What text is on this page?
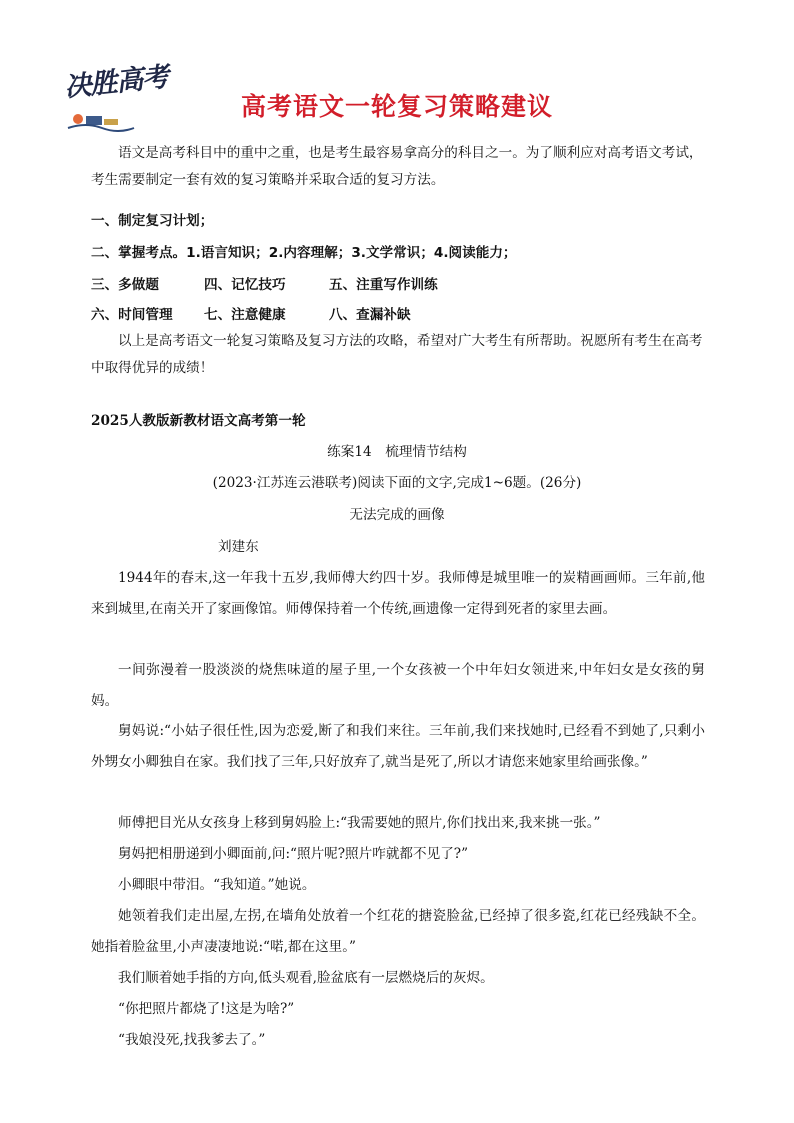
决胜高考
高考语文一轮复习策略建议
语文是高考科目中的重中之重，也是考生最容易拿高分的科目之一。为了顺利应对高考语文考试，考生需要制定一套有效的复习策略并采取合适的复习方法。
一、制定复习计划；
二、掌握考点。1.语言知识；2.内容理解；3.文学常识；4.阅读能力；
三、多做题	四、记忆技巧	五、注重写作训练
六、时间管理 七、注意健康	八、查漏补缺
以上是高考语文一轮复习策略及复习方法的攻略，希望对广大考生有所帮助。祝愿所有考生在高考中取得优异的成绩！
2025人教版新教材语文高考第一轮
练案14　梳理情节结构
(2023·江苏连云港联考)阅读下面的文字,完成1~6题。(26分)
无法完成的画像
刘建东
1944年的春末,这一年我十五岁,我师傅大约四十岁。我师傅是城里唯一的炭精画画师。三年前,他来到城里,在南关开了家画像馆。师傅保持着一个传统,画遗像一定得到死者的家里去画。
一间弥漫着一股淡淡的烧焦味道的屋子里,一个女孩被一个中年妇女领进来,中年妇女是女孩的舅妈。
舅妈说:“小姑子很任性,因为恋爱,断了和我们来往。三年前,我们来找她时,已经看不到她了,只剩小外甥女小卿独自在家。我们找了三年,只好放弃了,就当是死了,所以才请您来她家里给画张像。”
师傅把目光从女孩身上移到舅妈脸上:“我需要她的照片,你们找出来,我来挑一张。”
舅妈把相册递到小卿面前,问:“照片呢?照片咋就都不见了?”
小卿眼中带泪。“我知道。”她说。
她领着我们走出屋,左拐,在墙角处放着一个红花的搪瓷脸盆,已经掉了很多瓷,红花已经残缺不全。她指着脸盆里,小声凄凄地说:“喏,都在这里。”
我们顺着她手指的方向,低头观看,脸盆底有一层燃烧后的灰烬。
“你把照片都烧了!这是为啥?”
“我娘没死,找我爹去了。”
